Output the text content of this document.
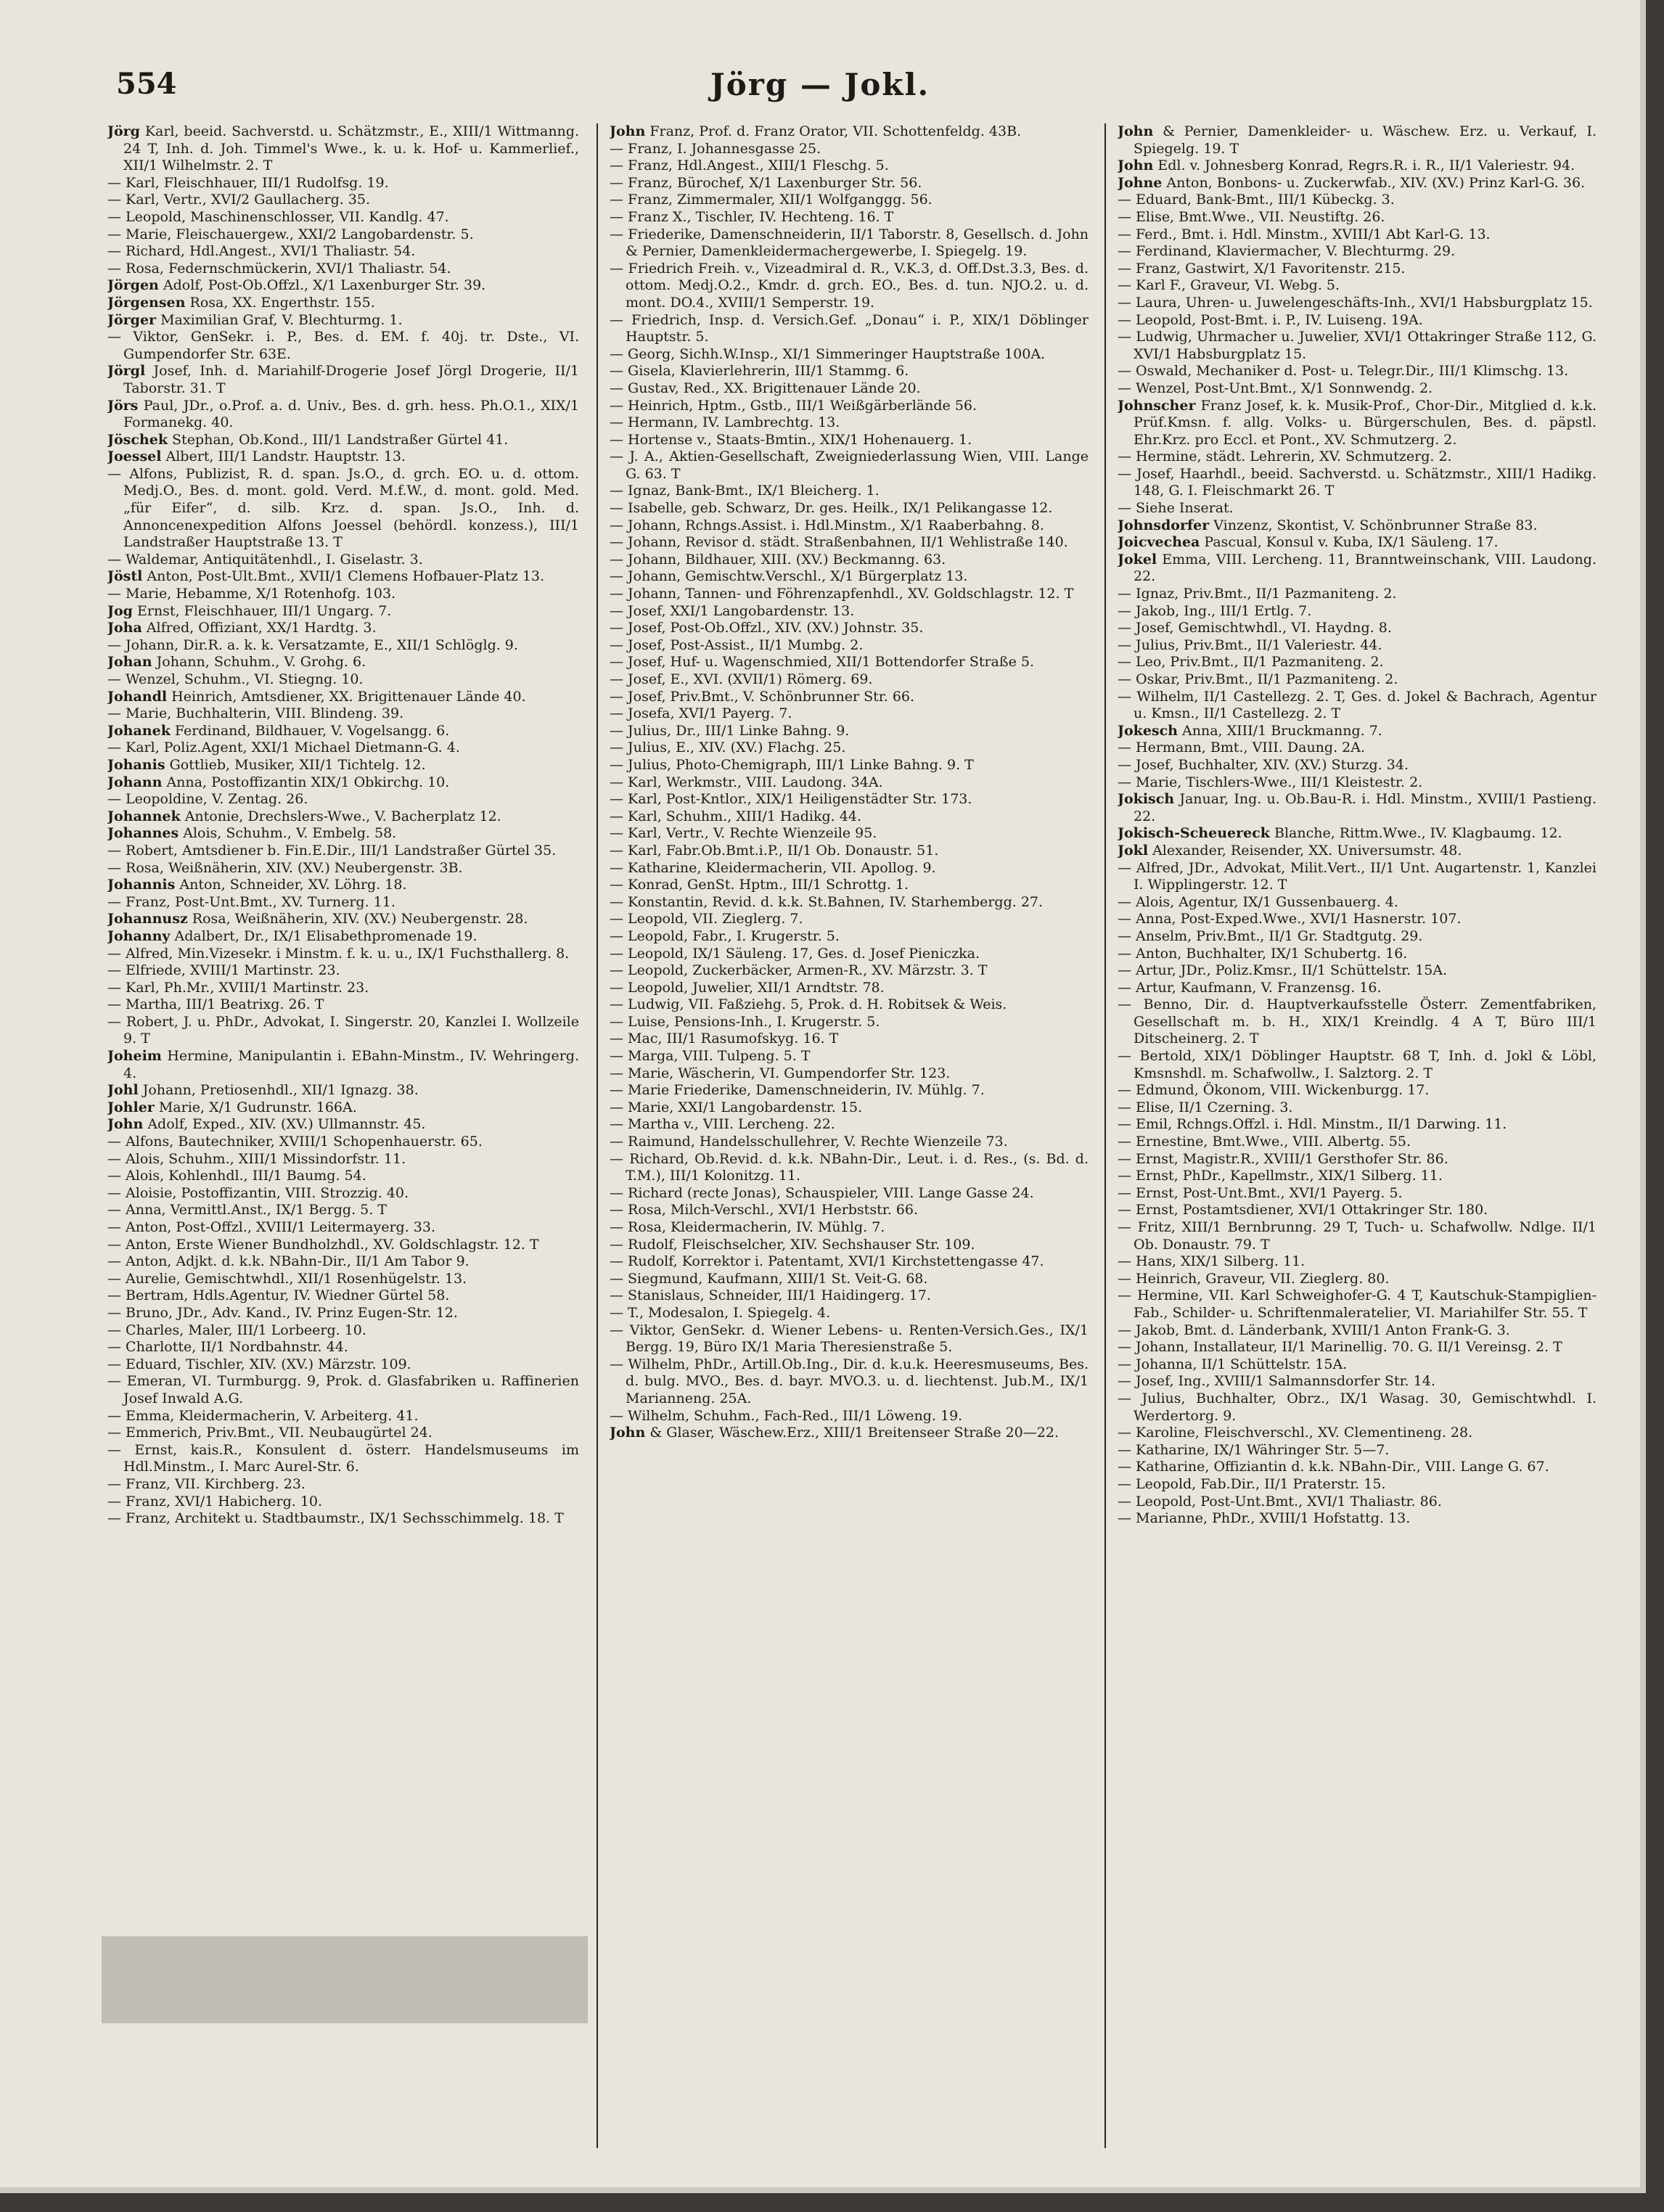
554	Jörg — Jokl.
Jörg Karl, beeid. Sachverstd. u. Schätzmstr., E., XIII/1 Wittmanng. 24 T, Inh. d. Joh. Timmel's Wwe., k. u. k. Hof- u. Kammerlief., XII/1 Wilhelmstr. 2. T
— Karl, Fleischhauer, III/1 Rudolfsg. 19.
— Karl, Vertr., XVI/2 Gaullacherg. 35.
— Leopold, Maschinenschlosser, VII. Kandlg. 47.
— Marie, Fleischauergew., XXI/2 Langobardenstr. 5.
— Richard, Hdl.Angest., XVI/1 Thaliastr. 54.
— Rosa, Federnschmückerin, XVI/1 Thaliastr. 54.
Jörgen Adolf, Post-Ob.Offzl., X/1 Laxenburger Str. 39.
Jörgensen Rosa, XX. Engerthstr. 155.
Jörger Maximilian Graf, V. Blechturmg. 1.
— Viktor, GenSekr. i. P., Bes. d. EM. f. 40j. tr. Dste., VI. Gumpendorfer Str. 63E.
Jörgl Josef, Inh. d. Mariahilf-Drogerie Josef Jörgl Drogerie, II/1 Taborstr. 31. T
Jörs Paul, JDr., o.Prof. a. d. Univ., Bes. d. grh. hess. Ph.O.1., XIX/1 Formanekg. 40.
Jöschek Stephan, Ob.Kond., III/1 Landstraßer Gürtel 41.
Joessel Albert, III/1 Landstr. Hauptstr. 13.
— Alfons, Publizist, R. d. span. Js.O., d. grch. EO. u. d. ottom. Medj.O., Bes. d. mont. gold. Verd. M.f.W., d. mont. gold. Med. „für Eifer“, d. silb. Krz. d. span. Js.O., Inh. d. Annoncenexpedition Alfons Joessel (behördl. konzess.), III/1 Landstraßer Hauptstraße 13. T
— Waldemar, Antiquitätenhdl., I. Giselastr. 3.
Jöstl Anton, Post-Ult.Bmt., XVII/1 Clemens Hofbauer-Platz 13.
— Marie, Hebamme, X/1 Rotenhofg. 103.
Jog Ernst, Fleischhauer, III/1 Ungarg. 7.
Joha Alfred, Offiziant, XX/1 Hardtg. 3.
— Johann, Dir.R. a. k. k. Versatzamte, E., XII/1 Schlöglg. 9.
Johan Johann, Schuhm., V. Grohg. 6.
— Wenzel, Schuhm., VI. Stiegng. 10.
Johandl Heinrich, Amtsdiener, XX. Brigittenauer Lände 40.
— Marie, Buchhalterin, VIII. Blindeng. 39.
Johanek Ferdinand, Bildhauer, V. Vogelsangg. 6.
— Karl, Poliz.Agent, XXI/1 Michael Dietmann-G. 4.
Johanis Gottlieb, Musiker, XII/1 Tichtelg. 12.
Johann Anna, Postoffizantin XIX/1 Obkirchg. 10.
— Leopoldine, V. Zentag. 26.
Johannek Antonie, Drechslers-Wwe., V. Bacherplatz 12.
Johannes Alois, Schuhm., V. Embelg. 58.
— Robert, Amtsdiener b. Fin.E.Dir., III/1 Landstraßer Gürtel 35.
— Rosa, Weißnäherin, XIV. (XV.) Neubergenstr. 3B.
Johannis Anton, Schneider, XV. Löhrg. 18.
— Franz, Post-Unt.Bmt., XV. Turnerg. 11.
Johannusz Rosa, Weißnäherin, XIV. (XV.) Neubergenstr. 28.
Johanny Adalbert, Dr., IX/1 Elisabethpromenade 19.
— Alfred, Min.Vizesekr. i Minstm. f. k. u. u., IX/1 Fuchsthallerg. 8.
— Elfriede, XVIII/1 Martinstr. 23.
— Karl, Ph.Mr., XVIII/1 Martinstr. 23.
— Martha, III/1 Beatrixg. 26. T
— Robert, J. u. PhDr., Advokat, I. Singerstr. 20, Kanzlei I. Wollzeile 9. T
Joheim Hermine, Manipulantin i. EBahn-Minstm., IV. Wehringerg. 4.
Johl Johann, Pretiosenhdl., XII/1 Ignazg. 38.
Johler Marie, X/1 Gudrunstr. 166A.
John Adolf, Exped., XIV. (XV.) Ullmannstr. 45.
— Alfons, Bautechniker, XVIII/1 Schopenhauerstr. 65.
— Alois, Schuhm., XIII/1 Missindorfstr. 11.
— Alois, Kohlenhdl., III/1 Baumg. 54.
— Aloisie, Postoffizantin, VIII. Strozzig. 40.
— Anna, Vermittl.Anst., IX/1 Bergg. 5. T
— Anton, Post-Offzl., XVIII/1 Leitermayerg. 33.
— Anton, Erste Wiener Bundholzhdl., XV. Goldschlagstr. 12. T
— Anton, Adjkt. d. k.k. NBahn-Dir., II/1 Am Tabor 9.
— Aurelie, Gemischtwhdl., XII/1 Rosenhügelstr. 13.
— Bertram, Hdls.Agentur, IV. Wiedner Gürtel 58.
— Bruno, JDr., Adv. Kand., IV. Prinz Eugen-Str. 12.
— Charles, Maler, III/1 Lorbeerg. 10.
— Charlotte, II/1 Nordbahnstr. 44.
— Eduard, Tischler, XIV. (XV.) Märzstr. 109.
— Emeran, VI. Turmburgg. 9, Prok. d. Glasfabriken u. Raffinerien Josef Inwald A.G.
— Emma, Kleidermacherin, V. Arbeiterg. 41.
— Emmerich, Priv.Bmt., VII. Neubaugürtel 24.
— Ernst, kais.R., Konsulent d. österr. Handelsmuseums im Hdl.Minstm., I. Marc Aurel-Str. 6.
— Franz, VII. Kirchberg. 23.
— Franz, XVI/1 Habicherg. 10.
— Franz, Architekt u. Stadtbaumstr., IX/1 Sechsschimmelg. 18. T
John Franz, Prof. d. Franz Orator, VII. Schottenfeldg. 43B.
— Franz, I. Johannesgasse 25.
— Franz, Hdl.Angest., XIII/1 Fleschg. 5.
— Franz, Bürochef, X/1 Laxenburger Str. 56.
— Franz, Zimmermaler, XII/1 Wolfganggg. 56.
— Franz X., Tischler, IV. Hechteng. 16. T
— Friederike, Damenschneiderin, II/1 Taborstr. 8, Gesellsch. d. John & Pernier, Damenkleidermachergewerbe, I. Spiegelg. 19.
— Friedrich Freih. v., Vizeadmiral d. R., V.K.3, d. Off.Dst.3.3, Bes. d. ottom. Medj.O.2., Kmdr. d. grch. EO., Bes. d. tun. NJO.2. u. d. mont. DO.4., XVIII/1 Semperstr. 19.
— Friedrich, Insp. d. Versich.Gef. „Donau“ i. P., XIX/1 Döblinger Hauptstr. 5.
— Georg, Sichh.W.Insp., XI/1 Simmeringer Hauptstraße 100A.
— Gisela, Klavierlehrerin, III/1 Stammg. 6.
— Gustav, Red., XX. Brigittenauer Lände 20.
— Heinrich, Hptm., Gstb., III/1 Weißgärberlände 56.
— Hermann, IV. Lambrechtg. 13.
— Hortense v., Staats-Bmtin., XIX/1 Hohenauerg. 1.
— J. A., Aktien-Gesellschaft, Zweigniederlassung Wien, VIII. Lange G. 63. T
— Ignaz, Bank-Bmt., IX/1 Bleicherg. 1.
— Isabelle, geb. Schwarz, Dr. ges. Heilk., IX/1 Pelikangasse 12.
— Johann, Rchngs.Assist. i. Hdl.Minstm., X/1 Raaberbahng. 8.
— Johann, Revisor d. städt. Straßenbahnen, II/1 Wehlistraße 140.
— Johann, Bildhauer, XIII. (XV.) Beckmanng. 63.
— Johann, Gemischtw.Verschl., X/1 Bürgerplatz 13.
— Johann, Tannen- und Föhrenzapfenhdl., XV. Goldschlagstr. 12. T
— Josef, XXI/1 Langobardenstr. 13.
— Josef, Post-Ob.Offzl., XIV. (XV.) Johnstr. 35.
— Josef, Post-Assist., II/1 Mumbg. 2.
— Josef, Huf- u. Wagenschmied, XII/1 Bottendorfer Straße 5.
— Josef, E., XVI. (XVII/1) Römerg. 69.
— Josef, Priv.Bmt., V. Schönbrunner Str. 66.
— Josefa, XVI/1 Payerg. 7.
— Julius, Dr., III/1 Linke Bahng. 9.
— Julius, E., XIV. (XV.) Flachg. 25.
— Julius, Photo-Chemigraph, III/1 Linke Bahng. 9. T
— Karl, Werkmstr., VIII. Laudong. 34A.
— Karl, Post-Kntlor., XIX/1 Heiligenstädter Str. 173.
— Karl, Schuhm., XIII/1 Hadikg. 44.
— Karl, Vertr., V. Rechte Wienzeile 95.
— Karl, Fabr.Ob.Bmt.i.P., II/1 Ob. Donaustr. 51.
— Katharine, Kleidermacherin, VII. Apollog. 9.
— Konrad, GenSt. Hptm., III/1 Schrottg. 1.
— Konstantin, Revid. d. k.k. St.Bahnen, IV. Starhembergg. 27.
— Leopold, VII. Zieglerg. 7.
— Leopold, Fabr., I. Krugerstr. 5.
— Leopold, IX/1 Säuleng. 17, Ges. d. Josef Pieniczka.
— Leopold, Zuckerbäcker, Armen-R., XV. Märzstr. 3. T
— Leopold, Juwelier, XII/1 Arndtstr. 78.
— Ludwig, VII. Faßziehg. 5, Prok. d. H. Robitsek & Weis.
— Luise, Pensions-Inh., I. Krugerstr. 5.
— Mac, III/1 Rasumofskyg. 16. T
— Marga, VIII. Tulpeng. 5. T
— Marie, Wäscherin, VI. Gumpendorfer Str. 123.
— Marie Friederike, Damenschneiderin, IV. Mühlg. 7.
— Marie, XXI/1 Langobardenstr. 15.
— Martha v., VIII. Lercheng. 22.
— Raimund, Handelsschullehrer, V. Rechte Wienzeile 73.
— Richard, Ob.Revid. d. k.k. NBahn-Dir., Leut. i. d. Res., (s. Bd. d. T.M.), III/1 Kolonitzg. 11.
— Richard (recte Jonas), Schauspieler, VIII. Lange Gasse 24.
— Rosa, Milch-Verschl., XVI/1 Herbststr. 66.
— Rosa, Kleidermacherin, IV. Mühlg. 7.
— Rudolf, Fleischselcher, XIV. Sechshauser Str. 109.
— Rudolf, Korrektor i. Patentamt, XVI/1 Kirchstettengasse 47.
— Siegmund, Kaufmann, XIII/1 St. Veit-G. 68.
— Stanislaus, Schneider, III/1 Haidingerg. 17.
— T., Modesalon, I. Spiegelg. 4.
— Viktor, GenSekr. d. Wiener Lebens- u. Renten-Versich.Ges., IX/1 Bergg. 19, Büro IX/1 Maria Theresienstraße 5.
— Wilhelm, PhDr., Artill.Ob.Ing., Dir. d. k.u.k. Heeresmuseums, Bes. d. bulg. MVO., Bes. d. bayr. MVO.3. u. d. liechtenst. Jub.M., IX/1 Marianneng. 25A.
— Wilhelm, Schuhm., Fach-Red., III/1 Löweng. 19.
John & Glaser, Wäschew.Erz., XIII/1 Breitenseer Straße 20—22.
John & Pernier, Damenkleider- u. Wäschew. Erz. u. Verkauf, I. Spiegelg. 19. T
John Edl. v. Johnesberg Konrad, Regrs.R. i. R., II/1 Valeriestr. 94.
Johne Anton, Bonbons- u. Zuckerwfab., XIV. (XV.) Prinz Karl-G. 36.
— Eduard, Bank-Bmt., III/1 Kübeckg. 3.
— Elise, Bmt.Wwe., VII. Neustiftg. 26.
— Ferd., Bmt. i. Hdl. Minstm., XVIII/1 Abt Karl-G. 13.
— Ferdinand, Klaviermacher, V. Blechturmg. 29.
— Franz, Gastwirt, X/1 Favoritenstr. 215.
— Karl F., Graveur, VI. Webg. 5.
— Laura, Uhren- u. Juwelengeschäfts-Inh., XVI/1 Habsburgplatz 15.
— Leopold, Post-Bmt. i. P., IV. Luiseng. 19A.
— Ludwig, Uhrmacher u. Juwelier, XVI/1 Ottakringer Straße 112, G. XVI/1 Habsburgplatz 15.
— Oswald, Mechaniker d. Post- u. Telegr.Dir., III/1 Klimschg. 13.
— Wenzel, Post-Unt.Bmt., X/1 Sonnwendg. 2.
Johnscher Franz Josef, k. k. Musik-Prof., Chor-Dir., Mitglied d. k.k. Prüf.Kmsn. f. allg. Volks- u. Bürgerschulen, Bes. d. päpstl. Ehr.Krz. pro Eccl. et Pont., XV. Schmutzerg. 2.
— Hermine, städt. Lehrerin, XV. Schmutzerg. 2.
— Josef, Haarhdl., beeid. Sachverstd. u. Schätzmstr., XIII/1 Hadikg. 148, G. I. Fleischmarkt 26. T
— Siehe Inserat.
Johnsdorfer Vinzenz, Skontist, V. Schönbrunner Straße 83.
Joicvechea Pascual, Konsul v. Kuba, IX/1 Säuleng. 17.
Jokel Emma, VIII. Lercheng. 11, Branntweinschank, VIII. Laudong. 22.
— Ignaz, Priv.Bmt., II/1 Pazmaniteng. 2.
— Jakob, Ing., III/1 Ertlg. 7.
— Josef, Gemischtwhdl., VI. Haydng. 8.
— Julius, Priv.Bmt., II/1 Valeriestr. 44.
— Leo, Priv.Bmt., II/1 Pazmaniteng. 2.
— Oskar, Priv.Bmt., II/1 Pazmaniteng. 2.
— Wilhelm, II/1 Castellezg. 2. T, Ges. d. Jokel & Bachrach, Agentur u. Kmsn., II/1 Castellezg. 2. T
Jokesch Anna, XIII/1 Bruckmanng. 7.
— Hermann, Bmt., VIII. Daung. 2A.
— Josef, Buchhalter, XIV. (XV.) Sturzg. 34.
— Marie, Tischlers-Wwe., III/1 Kleistestr. 2.
Jokisch Januar, Ing. u. Ob.Bau-R. i. Hdl. Minstm., XVIII/1 Pastieng. 22.
Jokisch-Scheuereck Blanche, Rittm.Wwe., IV. Klagbaumg. 12.
Jokl Alexander, Reisender, XX. Universumstr. 48.
— Alfred, JDr., Advokat, Milit.Vert., II/1 Unt. Augartenstr. 1, Kanzlei I. Wipplingerstr. 12. T
— Alois, Agentur, IX/1 Gussenbauerg. 4.
— Anna, Post-Exped.Wwe., XVI/1 Hasnerstr. 107.
— Anselm, Priv.Bmt., II/1 Gr. Stadtgutg. 29.
— Anton, Buchhalter, IX/1 Schubertg. 16.
— Artur, JDr., Poliz.Kmsr., II/1 Schüttelstr. 15A.
— Artur, Kaufmann, V. Franzensg. 16.
— Benno, Dir. d. Hauptverkaufsstelle Österr. Zementfabriken, Gesellschaft m. b. H., XIX/1 Kreindlg. 4 A T, Büro III/1 Ditscheinerg. 2. T
— Bertold, XIX/1 Döblinger Hauptstr. 68 T, Inh. d. Jokl & Löbl, Kmsnshdl. m. Schafwollw., I. Salztorg. 2. T
— Edmund, Ökonom, VIII. Wickenburgg. 17.
— Elise, II/1 Czerning. 3.
— Emil, Rchngs.Offzl. i. Hdl. Minstm., II/1 Darwing. 11.
— Ernestine, Bmt.Wwe., VIII. Albertg. 55.
— Ernst, Magistr.R., XVIII/1 Gersthofer Str. 86.
— Ernst, PhDr., Kapellmstr., XIX/1 Silberg. 11.
— Ernst, Post-Unt.Bmt., XVI/1 Payerg. 5.
— Ernst, Postamtsdiener, XVI/1 Ottakringer Str. 180.
— Fritz, XIII/1 Bernbrunng. 29 T, Tuch- u. Schafwollw. Ndlge. II/1 Ob. Donaustr. 79. T
— Hans, XIX/1 Silberg. 11.
— Heinrich, Graveur, VII. Zieglerg. 80.
— Hermine, VII. Karl Schweighofer-G. 4 T, Kautschuk-Stampiglien-Fab., Schilder- u. Schriftenmaleratelier, VI. Mariahilfer Str. 55. T
— Jakob, Bmt. d. Länderbank, XVIII/1 Anton Frank-G. 3.
— Johann, Installateur, II/1 Marinellig. 70. G. II/1 Vereinsg. 2. T
— Johanna, II/1 Schüttelstr. 15A.
— Josef, Ing., XVIII/1 Salmannsdorfer Str. 14.
— Julius, Buchhalter, Obrz., IX/1 Wasag. 30, Gemischtwhdl. I. Werdertorg. 9.
— Karoline, Fleischverschl., XV. Clementineng. 28.
— Katharine, IX/1 Währinger Str. 5—7.
— Katharine, Offiziantin d. k.k. NBahn-Dir., VIII. Lange G. 67.
— Leopold, Fab.Dir., II/1 Praterstr. 15.
— Leopold, Post-Unt.Bmt., XVI/1 Thaliastr. 86.
— Marianne, PhDr., XVIII/1 Hofstattg. 13.
